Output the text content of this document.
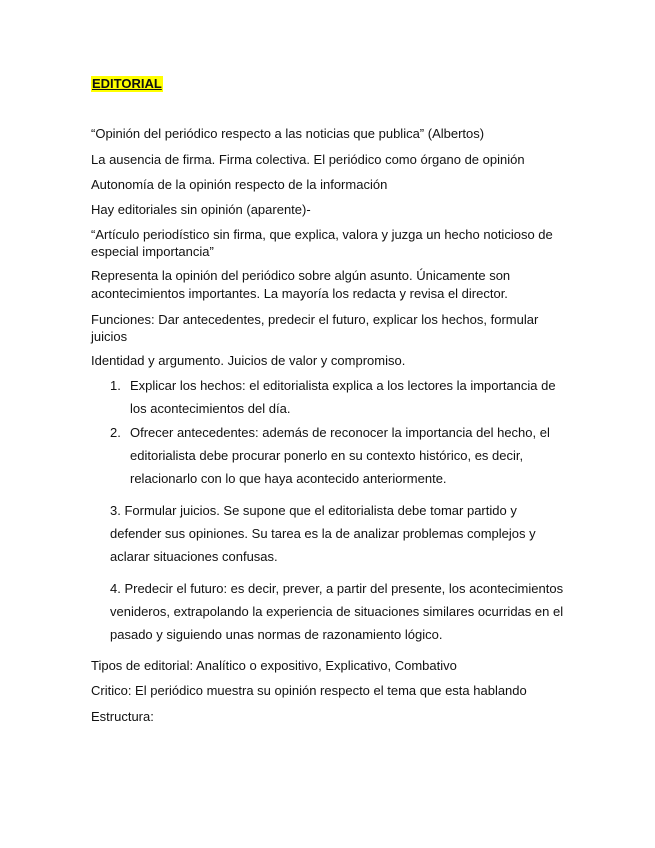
EDITORIAL
“Opinión del periódico respecto a las noticias que publica” (Albertos)
La ausencia de firma. Firma colectiva. El periódico como órgano de opinión
Autonomía de la opinión respecto de la información
Hay editoriales sin opinión (aparente)-
“Artículo periodístico sin firma, que explica, valora y juzga un hecho noticioso de
especial importancia”
Representa la opinión del periódico sobre algún asunto. Únicamente son
acontecimientos importantes. La mayoría los redacta y revisa el director.
Funciones: Dar antecedentes, predecir el futuro, explicar los hechos, formular
juicios
Identidad y argumento. Juicios de valor y compromiso.
1. Explicar los hechos: el editorialista explica a los lectores la importancia de
los acontecimientos del día.
2. Ofrecer antecedentes: además de reconocer la importancia del hecho, el
editorialista debe procurar ponerlo en su contexto histórico, es decir,
relacionarlo con lo que haya acontecido anteriormente.
3. Formular juicios. Se supone que el editorialista debe tomar partido y
defender sus opiniones. Su tarea es la de analizar problemas complejos y
aclarar situaciones confusas.
4. Predecir el futuro: es decir, prever, a partir del presente, los acontecimientos
venideros, extrapolando la experiencia de situaciones similares ocurridas en el
pasado y siguiendo unas normas de razonamiento lógico.
Tipos de editorial: Analítico o expositivo, Explicativo, Combativo
Critico: El periódico muestra su opinión respecto el tema que esta hablando
Estructura:
